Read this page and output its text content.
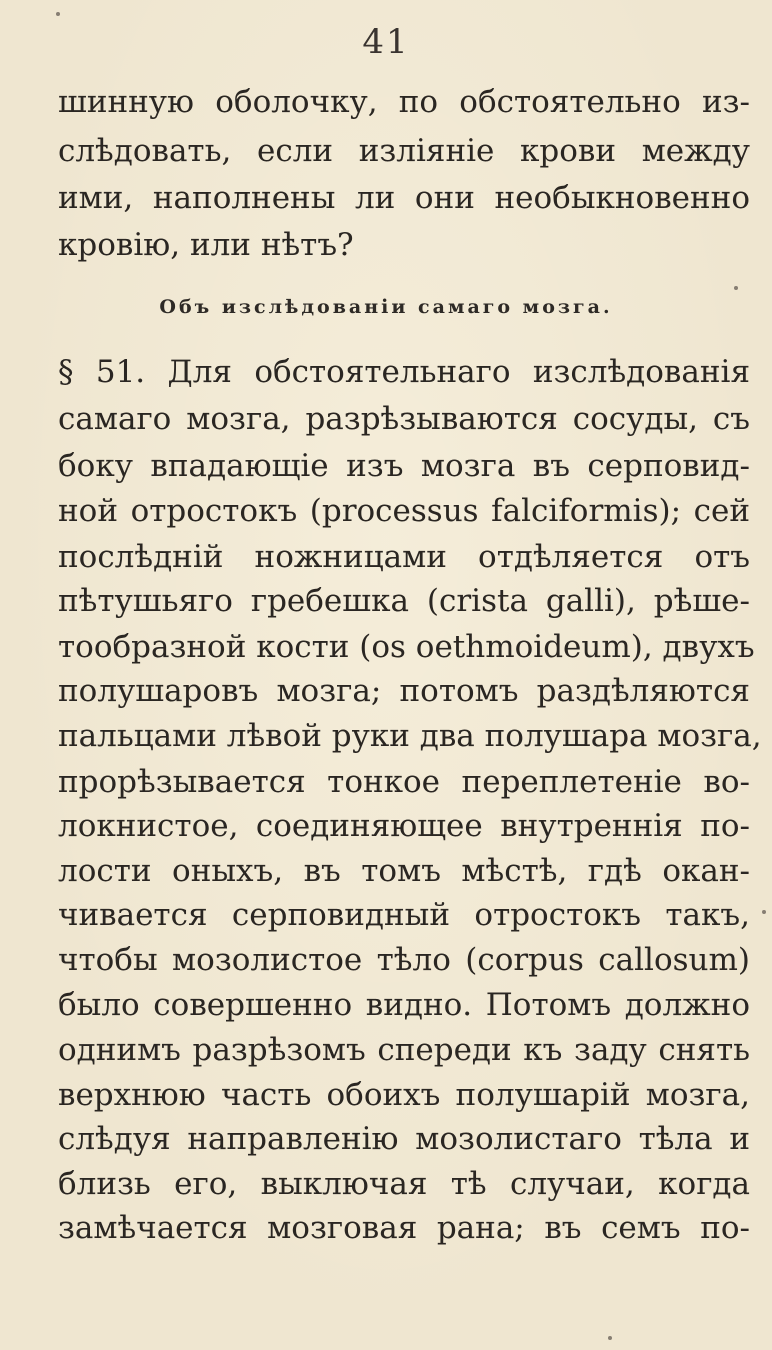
41
шинную оболочку, по обстоятельно из-
слѣдовать, если изліяніе крови между
ими, наполнены ли они необыкновенно
кровію, или нѣтъ?
Объ изслѣдованіи самаго мозга.
§ 51. Для обстоятельнаго изслѣдованія
самаго мозга, разрѣзываются сосуды, съ
боку впадающіе изъ мозга въ серповид-
ной отростокъ (processus falciformis); сей
послѣдній ножницами отдѣляется отъ
пѣтушьяго гребешка (crista galli), рѣше-
тообразной кости (os oethmoideum), двухъ
полушаровъ мозга; потомъ раздѣляются
пальцами лѣвой руки два полушара мозга,
прорѣзывается тонкое переплетеніе во-
локнистое, соединяющее внутреннія по-
лости оныхъ, въ томъ мѣстѣ, гдѣ окан-
чивается серповидный отростокъ такъ,
чтобы мозолистое тѣло (corpus callosum)
было совершенно видно. Потомъ должно
однимъ разрѣзомъ спереди къ заду снять
верхнюю часть обоихъ полушарій мозга,
слѣдуя направленію мозолистаго тѣла и
близь его, выключая тѣ случаи, когда
замѣчается мозговая рана; въ семъ по-
